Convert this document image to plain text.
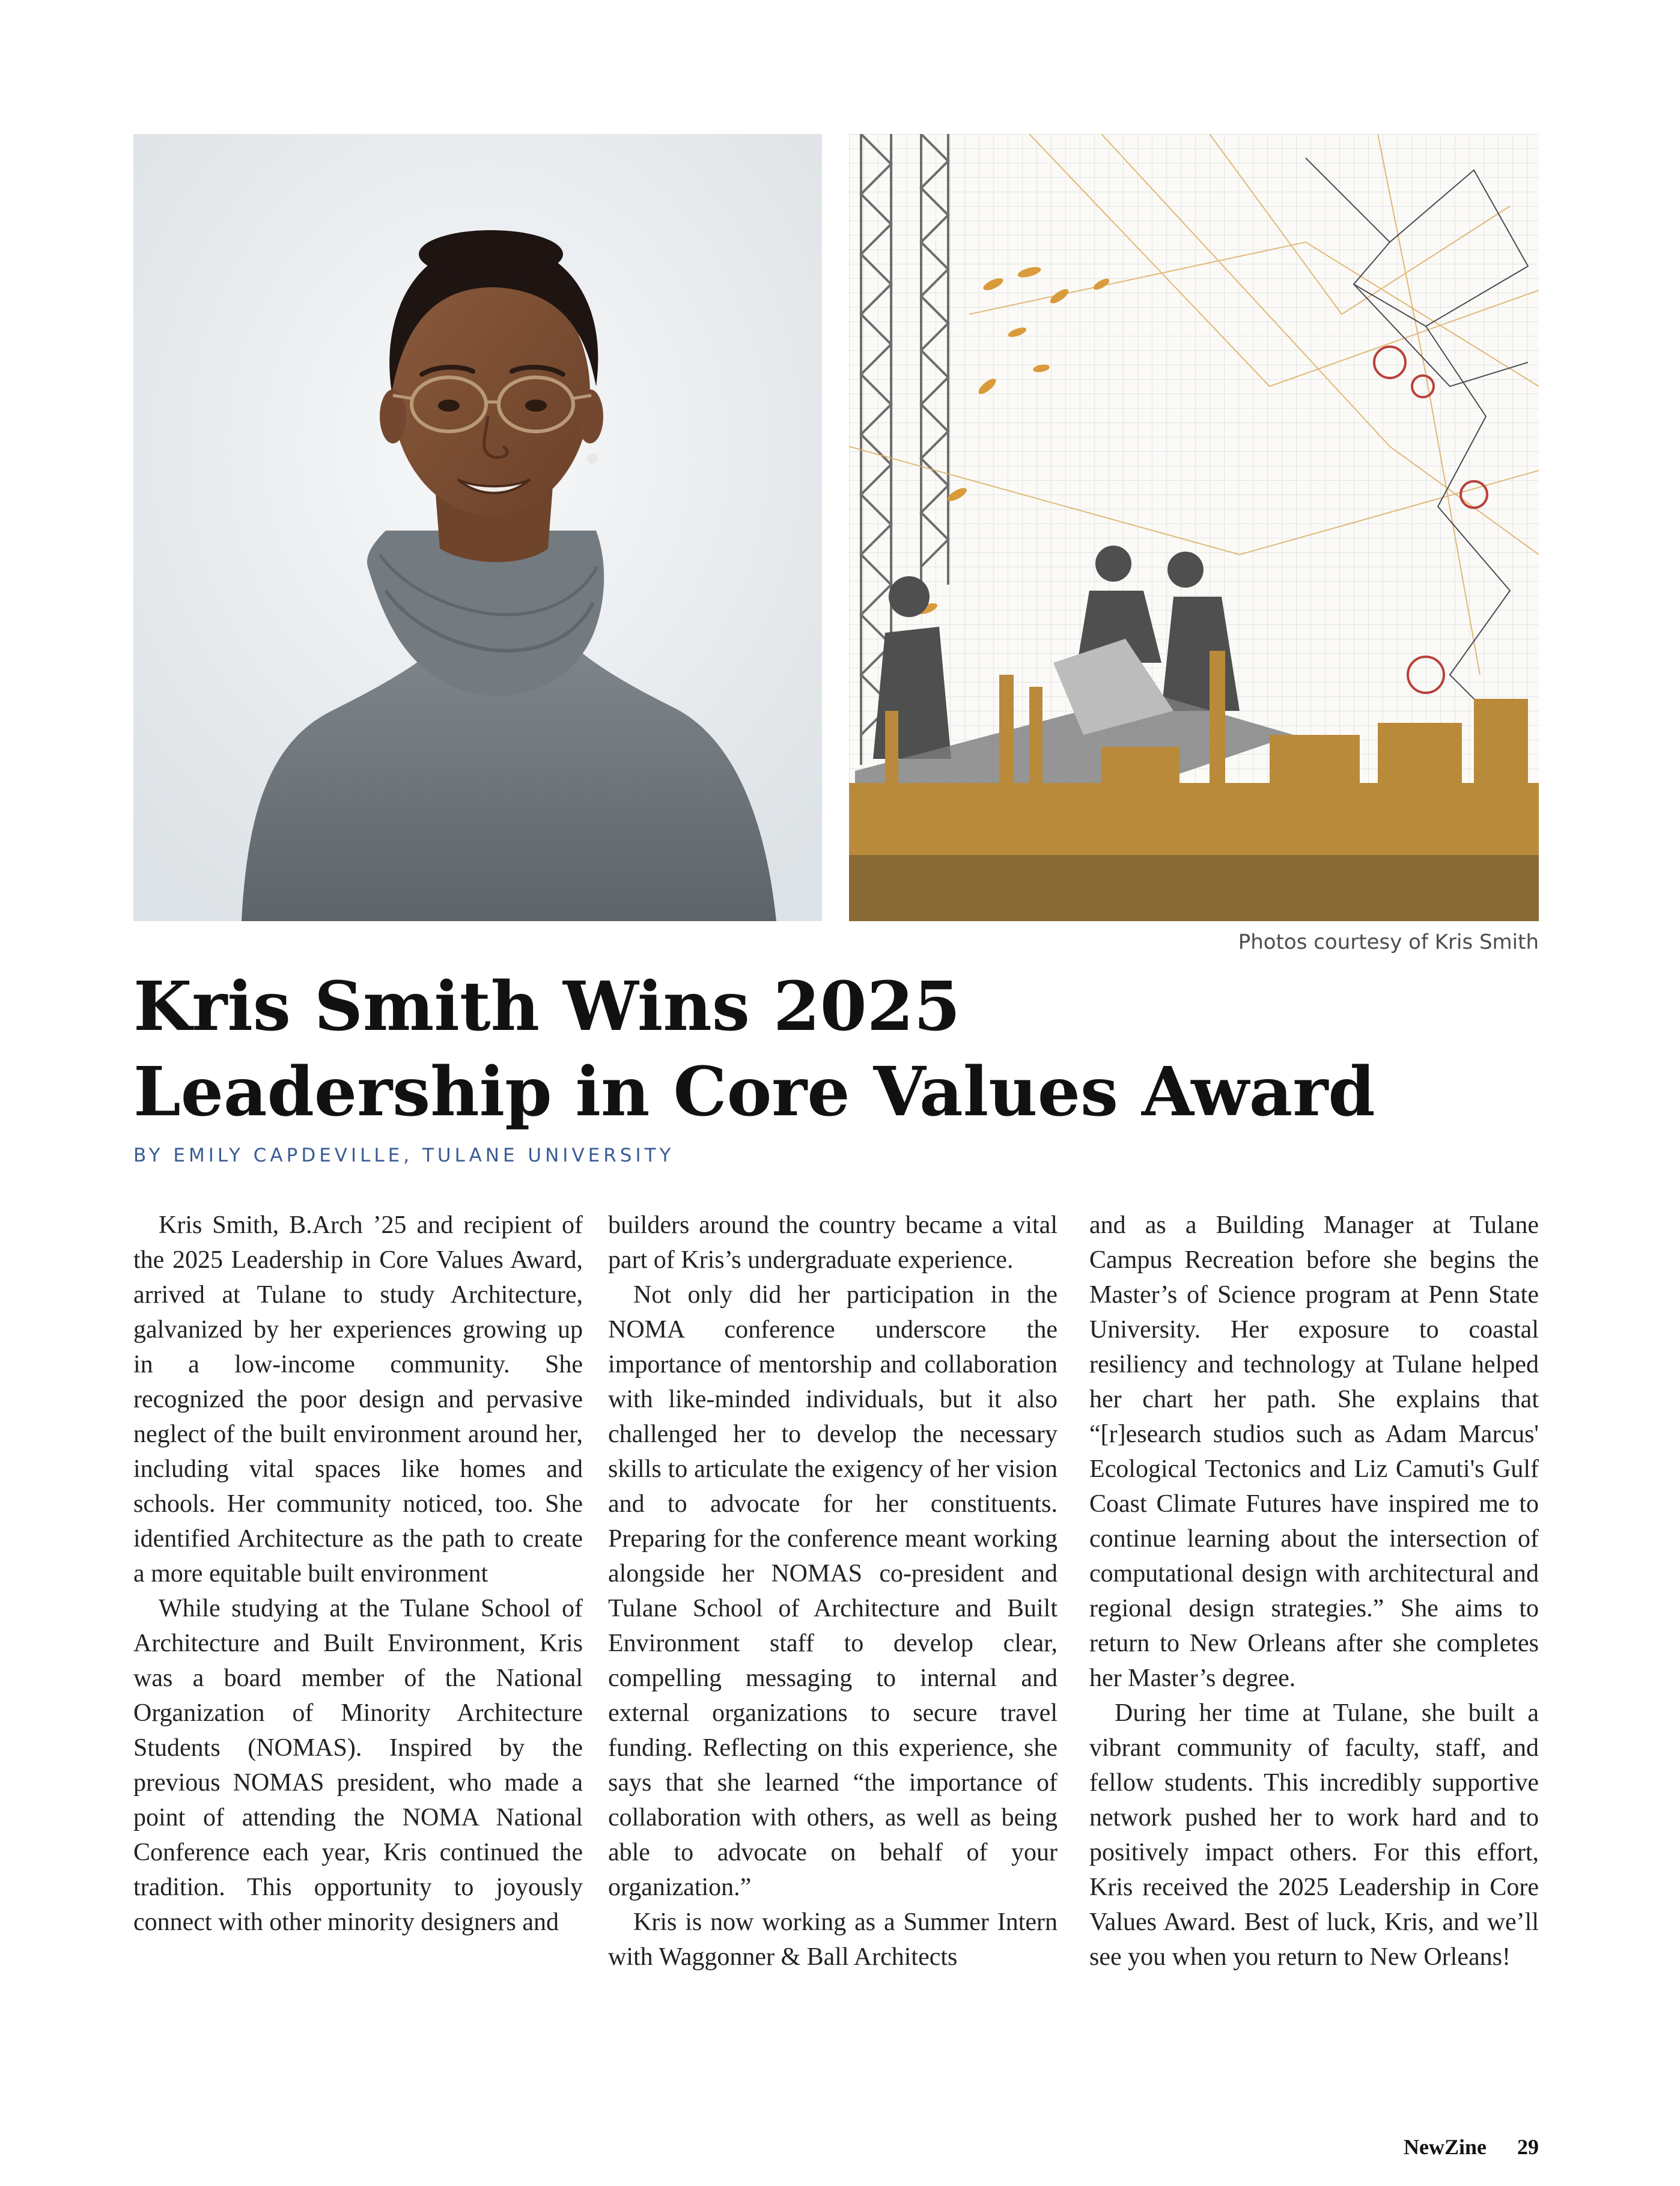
Photos courtesy of Kris Smith
Kris Smith Wins 2025
Leadership in Core Values Award
BY EMILY CAPDEVILLE, TULANE UNIVERSITY

Kris Smith, B.Arch ’25 and recipient of the 2025 Leadership in Core Values Award, arrived at Tulane to study Architecture, galvanized by her experiences growing up in a low-income community. She recognized the poor design and pervasive neglect of the built environment around her, including vital spaces like homes and schools. Her community noticed, too. She identified Architecture as the path to create a more equitable built environment

While studying at the Tulane School of Architecture and Built Environment, Kris was a board member of the National Organization of Minority Architecture Students (NOMAS). Inspired by the previous NOMAS president, who made a point of attending the NOMA National Conference each year, Kris continued the tradition. This opportunity to joyously connect with other minority designers and

builders around the country became a vital part of Kris’s undergraduate experience.

Not only did her participation in the NOMA conference underscore the importance of mentorship and collaboration with like-minded individuals, but it also challenged her to develop the necessary skills to articulate the exigency of her vision and to advocate for her constituents. Preparing for the conference meant working alongside her NOMAS co-president and Tulane School of Architecture and Built Environment staff to develop clear, compelling messaging to internal and external organizations to secure travel funding. Reflecting on this experience, she says that she learned “the importance of collaboration with others, as well as being able to advocate on behalf of your organization.”

Kris is now working as a Summer Intern with Waggonner & Ball Architects

and as a Building Manager at Tulane Campus Recreation before she begins the Master’s of Science program at Penn State University. Her exposure to coastal resiliency and technology at Tulane helped her chart her path. She explains that “[r]esearch studios such as Adam Marcus' Ecological Tectonics and Liz Camuti's Gulf Coast Climate Futures have inspired me to continue learning about the intersection of computational design with architectural and regional design strategies.” She aims to return to New Orleans after she completes her Master’s degree.

During her time at Tulane, she built a vibrant community of faculty, staff, and fellow students. This incredibly supportive network pushed her to work hard and to positively impact others. For this effort, Kris received the 2025 Leadership in Core Values Award. Best of luck, Kris, and we’ll see you when you return to New Orleans!

NewZine 29
